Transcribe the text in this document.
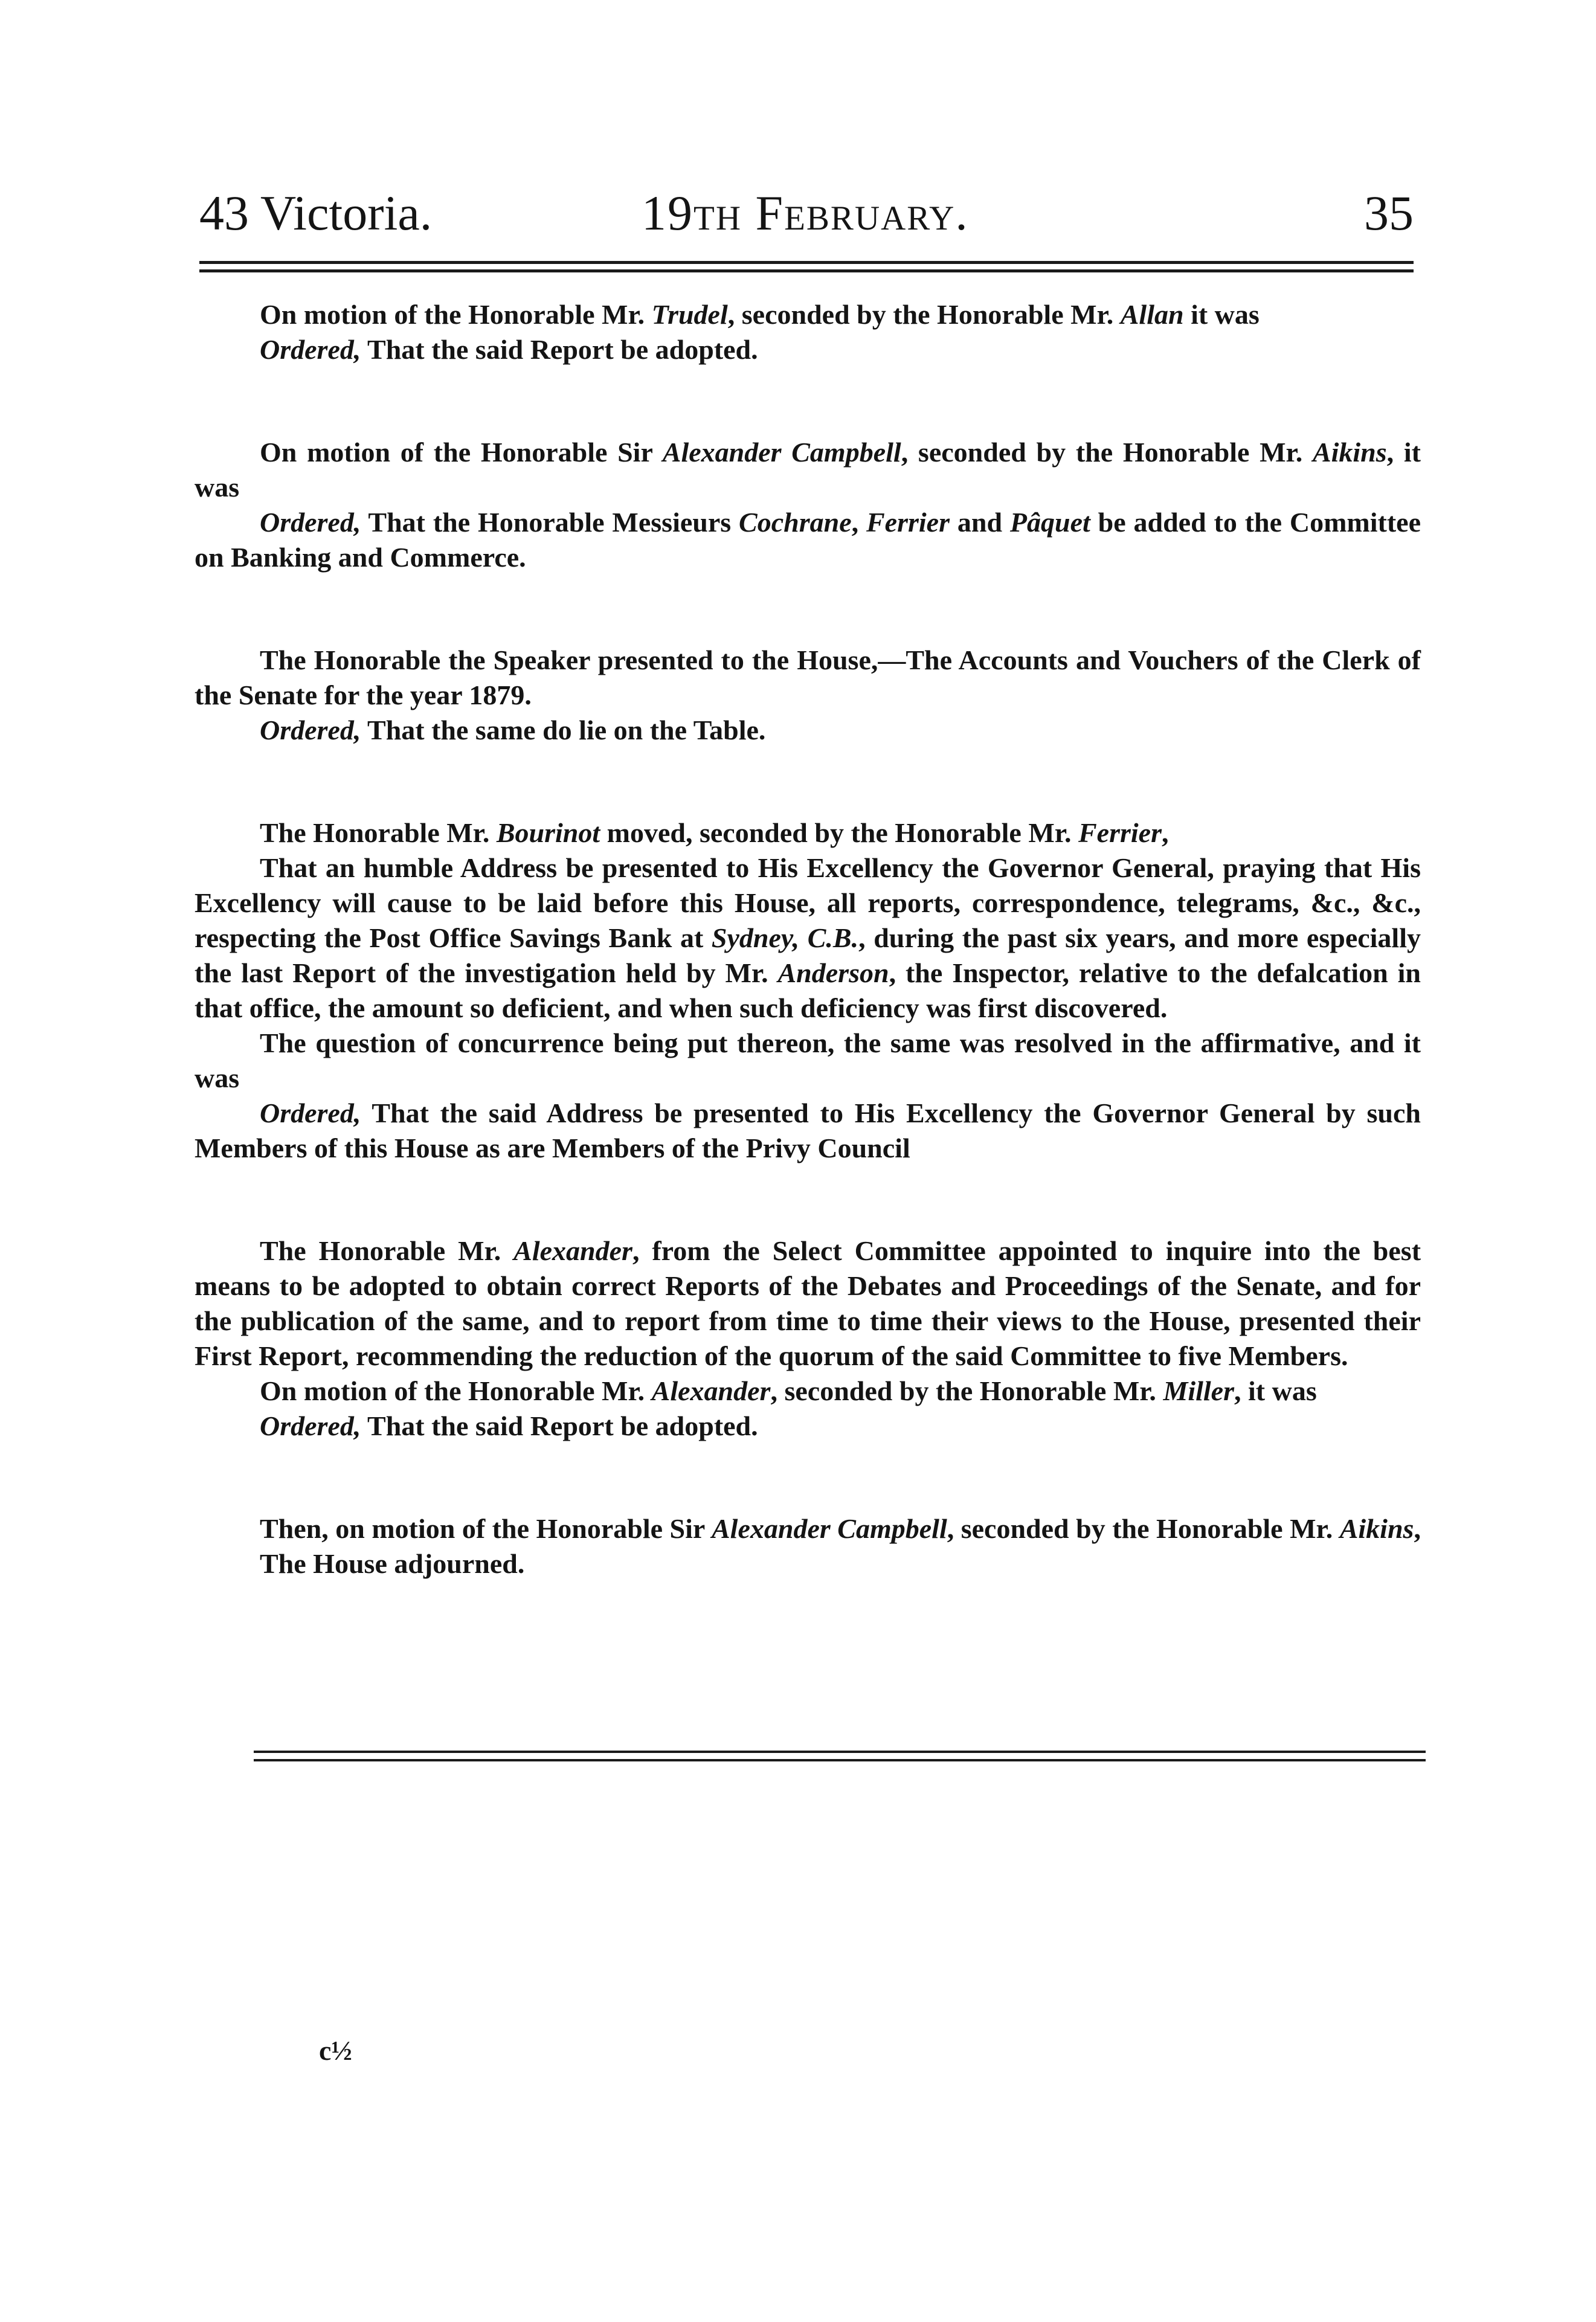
43 Victoria.	19th February.	35

On motion of the Honorable Mr. Trudel, seconded by the Honorable Mr. Allan it was

Ordered, That the said Report be adopted.

On motion of the Honorable Sir Alexander Campbell, seconded by the Honorable Mr. Aikins, it was

Ordered, That the Honorable Messieurs Cochrane, Ferrier and Pâquet be added to the Committee on Banking and Commerce.

The Honorable the Speaker presented to the House,—The Accounts and Vouchers of the Clerk of the Senate for the year 1879.

Ordered, That the same do lie on the Table.

The Honorable Mr. Bourinot moved, seconded by the Honorable Mr. Ferrier,

That an humble Address be presented to His Excellency the Governor General, praying that His Excellency will cause to be laid before this House, all reports, correspondence, telegrams, &c., &c., respecting the Post Office Savings Bank at Sydney, C.B., during the past six years, and more especially the last Report of the investigation held by Mr. Anderson, the Inspector, relative to the defalcation in that office, the amount so deficient, and when such deficiency was first discovered.

The question of concurrence being put thereon, the same was resolved in the affirmative, and it was

Ordered, That the said Address be presented to His Excellency the Governor General by such Members of this House as are Members of the Privy Council

The Honorable Mr. Alexander, from the Select Committee appointed to inquire into the best means to be adopted to obtain correct Reports of the Debates and Proceedings of the Senate, and for the publication of the same, and to report from time to time their views to the House, presented their First Report, recommending the reduction of the quorum of the said Committee to five Members.

On motion of the Honorable Mr. Alexander, seconded by the Honorable Mr. Miller, it was

Ordered, That the said Report be adopted.

Then, on motion of the Honorable Sir Alexander Campbell, seconded by the Honorable Mr. Aikins,

The House adjourned.

c½
